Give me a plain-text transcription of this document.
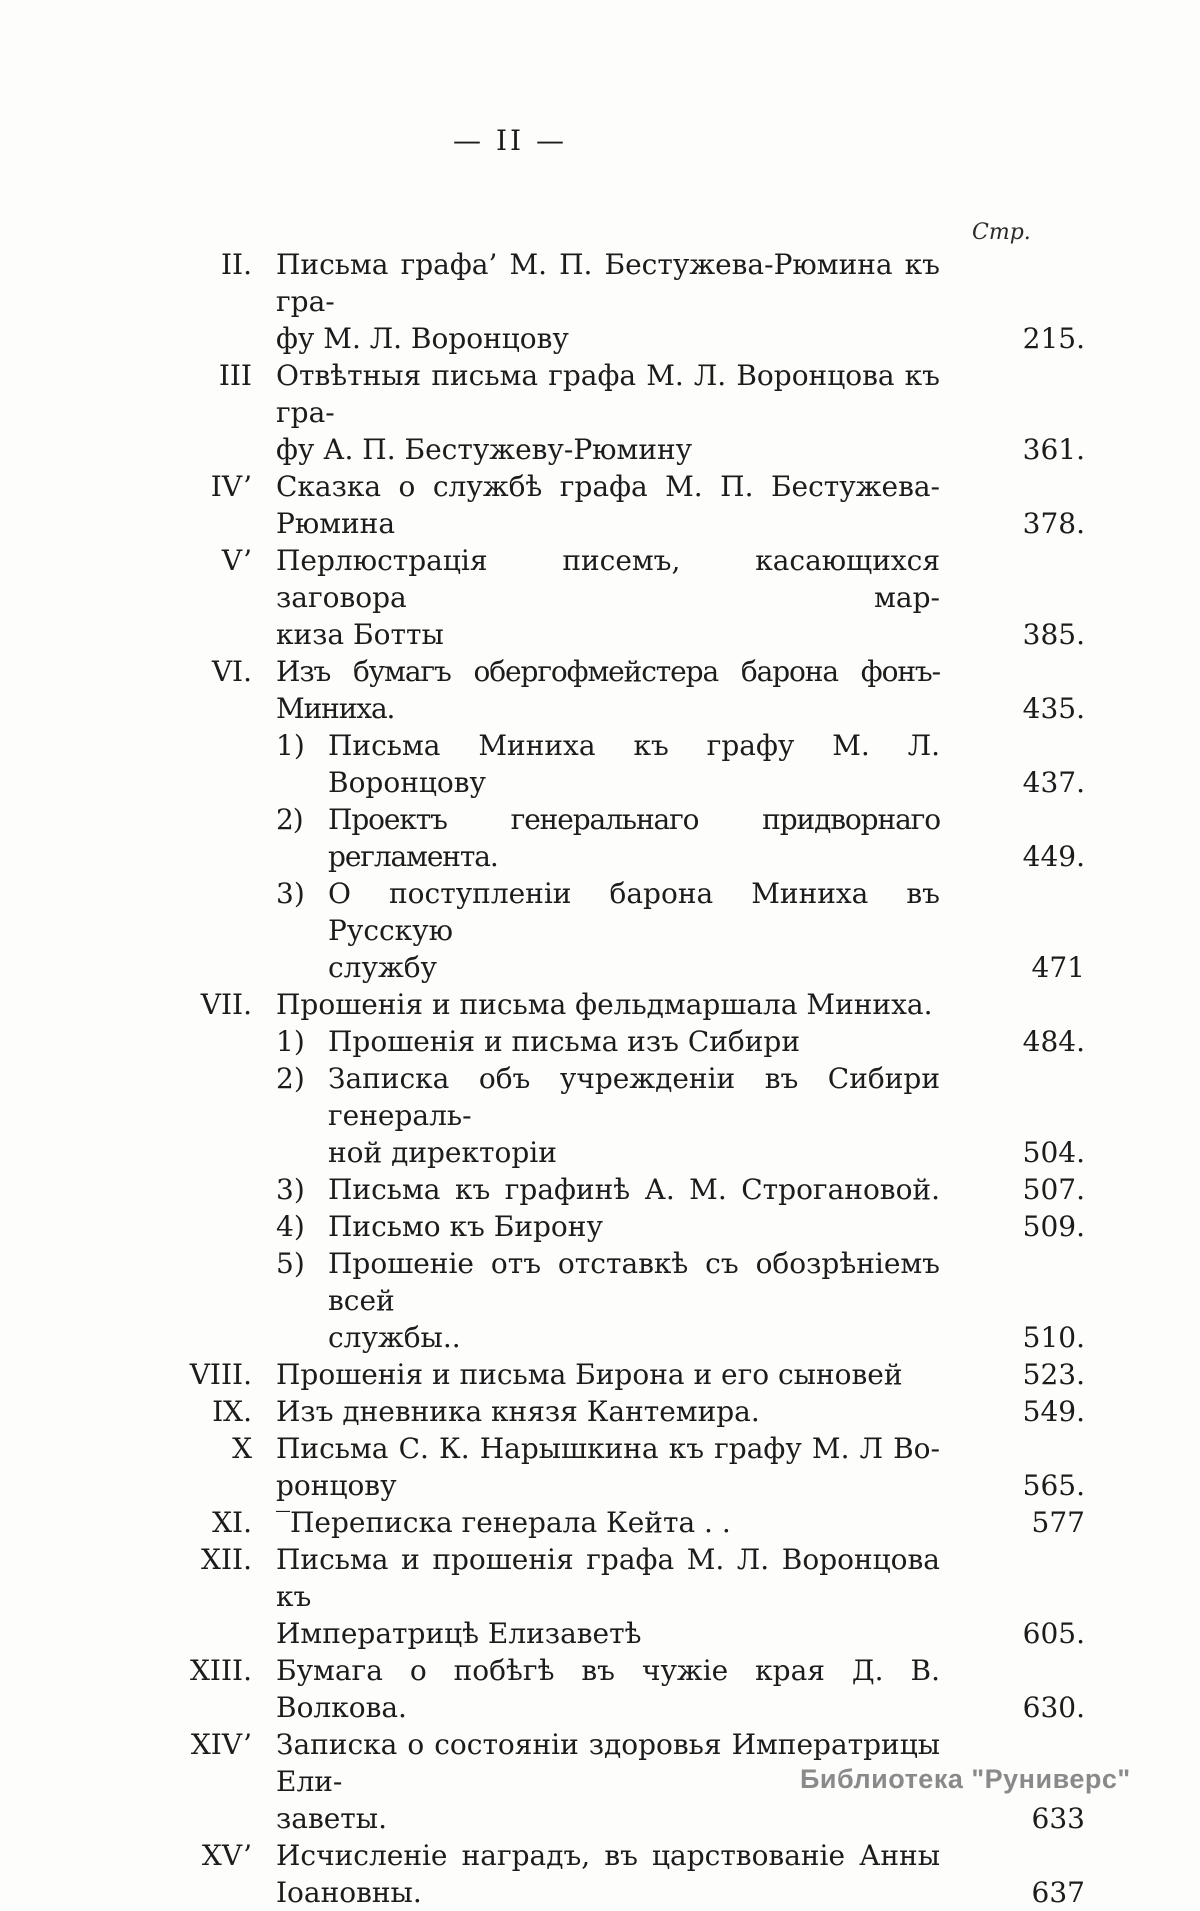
— II —
Стр.
II. Письма графа’ М. П. Бестужева-Рюмина къ гра-
фу М. Л. Воронцову	215.
III Отвѣтныя письма графа М. Л. Воронцова къ гра-
фу А. П. Бестужеву-Рюмину	361.
IV’ Сказка о службѣ графа М. П. Бестужева-Рюмина	378.
V’ Перлюстрація писемъ, касающихся заговора мар-
киза Ботты	385.
VI. Изъ бумагъ обергофмейстера барона фонъ-Миниха.	435.
1) Письма Миниха къ графу М. Л. Воронцову	437.
2) Проектъ генеральнаго придворнаго регламента.	449.
3) О поступленіи барона Миниха въ Русскую
службу	471
VII. Прошенія и письма фельдмаршала Миниха.
1) Прошенія и письма изъ Сибири	484.
2) Записка объ учрежденіи въ Сибири генераль-
ной директоріи	504.
3) Письма къ графинѣ А. М. Строгановой.	507.
4) Письмо къ Бирону	509.
5) Прошеніе отъ отставкѣ съ обозрѣніемъ всей
службы..	510.
VIII. Прошенія и письма Бирона и его сыновей	523.
IX. Изъ дневника князя Кантемира.	549.
X Письма С. К. Нарышкина къ графу М. Л Во-
ронцову	565.
XI. ‾Переписка генерала Кейта . .	577
XII. Письма и прошенія графа М. Л. Воронцова къ
Императрицѣ Елизаветѣ	605.
XIII. Бумага о побѣгѣ въ чужіе края Д. В. Волкова.	630.
XIV’ Записка о состояніи здоровья Императрицы Ели-
заветы.	633
XV’ Исчисленіе наградъ, въ царствованіе Анны
Іоановны.	637
Библиотека "Руниверс"
